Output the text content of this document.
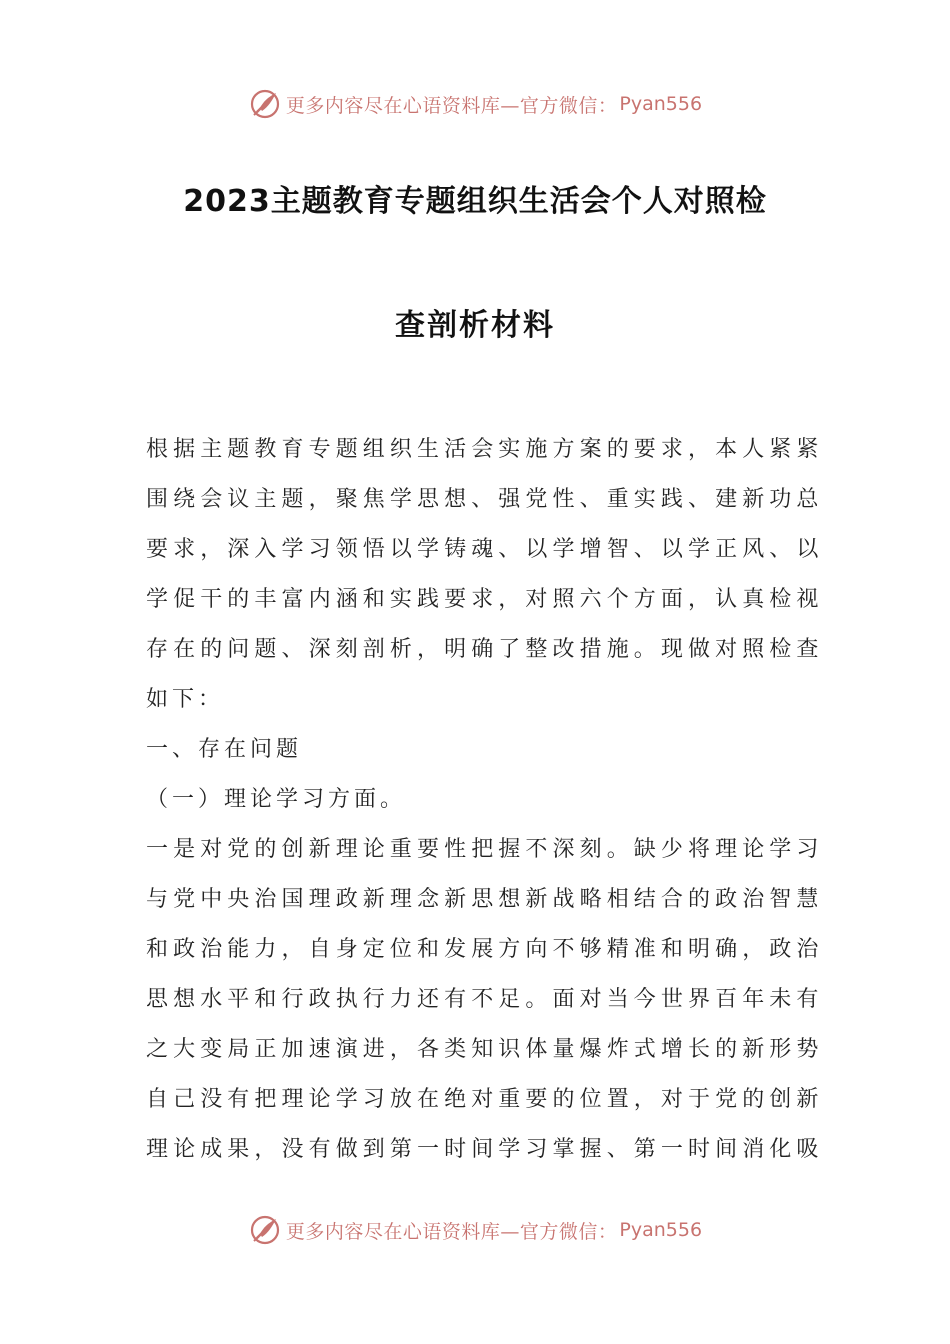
更多内容尽在心语资料库—官方微信： Pyan556
2023主题教育专题组织生活会个人对照检
查剖析材料
根据主题教育专题组织生活会实施方案的要求，本人紧紧
围绕会议主题，聚焦学思想、强党性、重实践、建新功总
要求，深入学习领悟以学铸魂、以学增智、以学正风、以
学促干的丰富内涵和实践要求，对照六个方面，认真检视
存在的问题、深刻剖析，明确了整改措施。现做对照检查
如下：
一、存在问题
（一）理论学习方面。
一是对党的创新理论重要性把握不深刻。缺少将理论学习
与党中央治国理政新理念新思想新战略相结合的政治智慧
和政治能力，自身定位和发展方向不够精准和明确，政治
思想水平和行政执行力还有不足。面对当今世界百年未有
之大变局正加速演进，各类知识体量爆炸式增长的新形势
自己没有把理论学习放在绝对重要的位置，对于党的创新
理论成果，没有做到第一时间学习掌握、第一时间消化吸
更多内容尽在心语资料库—官方微信： Pyan556
